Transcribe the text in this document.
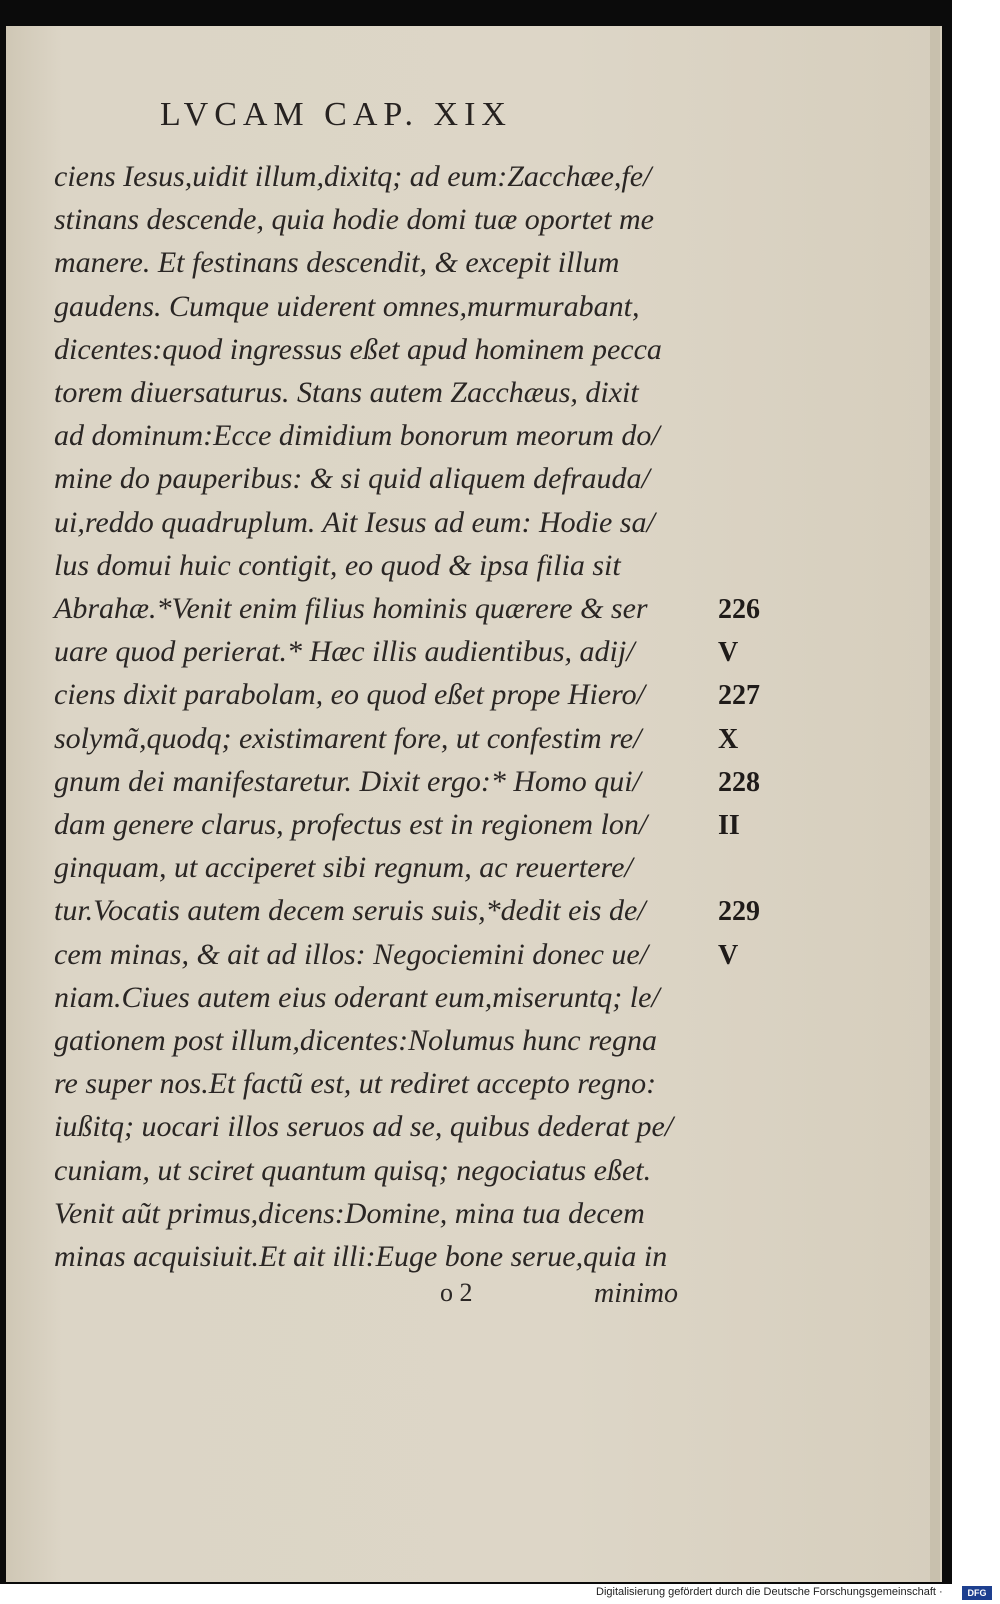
LVCAM CAP. XIX
ciens Iesus,uidit illum,dixitq; ad eum:Zacchæe,fe/
stinans descende, quia hodie domi tuæ oportet me
manere. Et festinans descendit, & excepit illum
gaudens. Cumque uiderent omnes,murmurabant,
dicentes:quod ingressus eßet apud hominem pecca
torem diuersaturus. Stans autem Zacchæus, dixit
ad dominum:Ecce dimidium bonorum meorum do/
mine do pauperibus: & si quid aliquem defrauda/
ui,reddo quadruplum. Ait Iesus ad eum: Hodie sa/
lus domui huic contigit, eo quod & ipsa filia sit
Abrahæ.*Venit enim filius hominis quærere & ser
uare quod perierat.* Hæc illis audientibus, adij/
ciens dixit parabolam, eo quod eßet prope Hiero/
solymã,quodq; existimarent fore, ut confestim re/
gnum dei manifestaretur. Dixit ergo:* Homo qui/
dam genere clarus, profectus est in regionem lon/
ginquam, ut acciperet sibi regnum, ac reuertere/
tur.Vocatis autem decem seruis suis,*dedit eis de/
cem minas, & ait ad illos: Negociemini donec ue/
niam.Ciues autem eius oderant eum,miseruntq; le/
gationem post illum,dicentes:Nolumus hunc regna
re super nos.Et factũ est, ut rediret accepto regno:
iußitq; uocari illos seruos ad se, quibus dederat pe/
cuniam, ut sciret quantum quisq; negociatus eßet.
Venit aũt primus,dicens:Domine, mina tua decem
minas acquisiuit.Et ait illi:Euge bone serue,quia in
226
V
227
X
228
II
229
V
o 2	minimo
Digitalisierung gefördert durch die Deutsche Forschungsgemeinschaft ·	DFG
